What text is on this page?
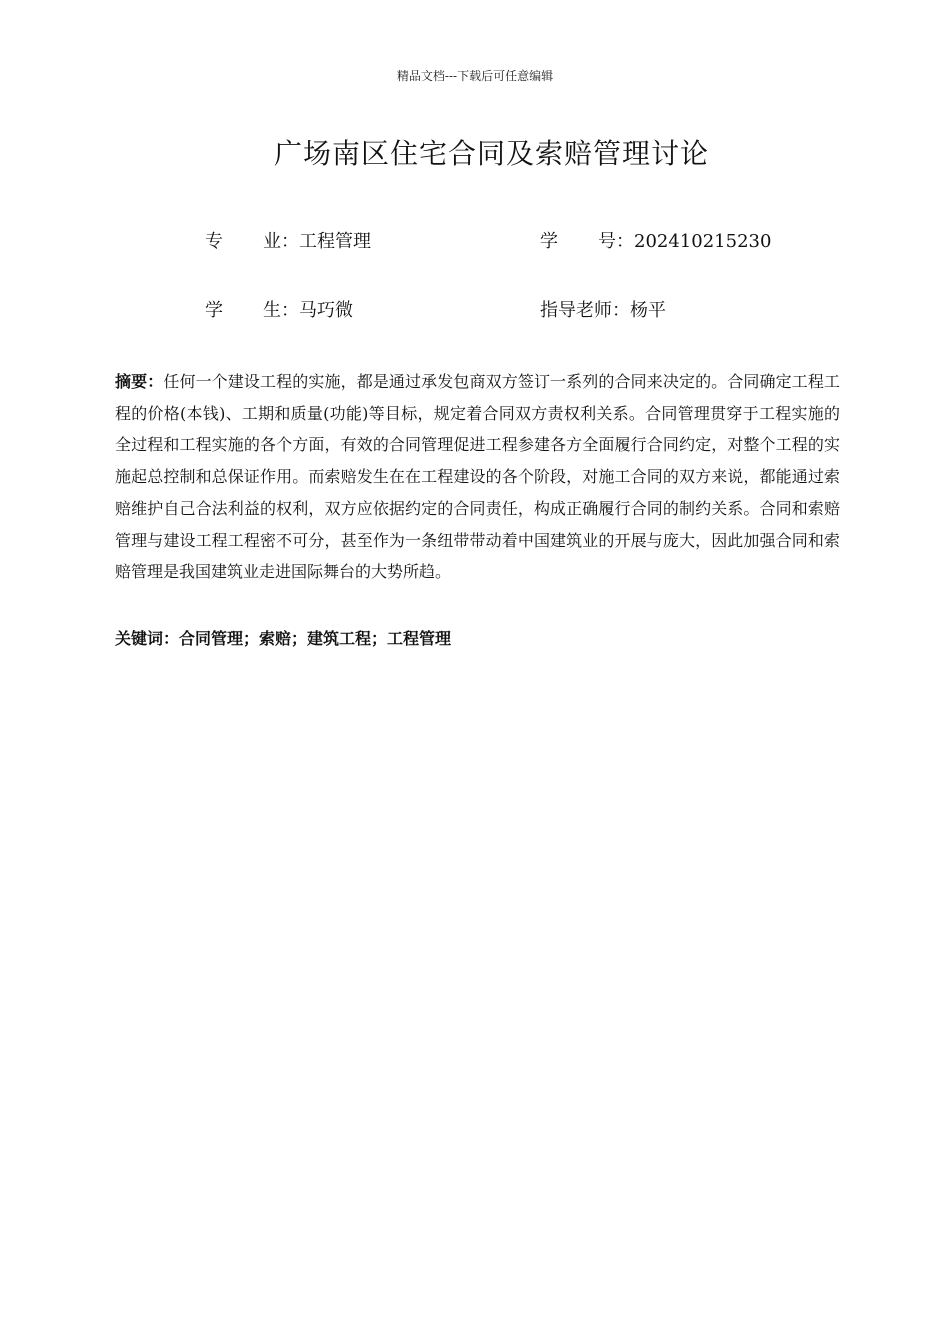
精品文档---下载后可任意编辑
广场南区住宅合同及索赔管理讨论
专 业：工程管理	学 号：202410215230
学 生：马巧微	指导老师：杨平

摘要：任何一个建设工程的实施，都是通过承发包商双方签订一系列的合同来决定的。合同确定工程工程的价格(本钱)、工期和质量(功能)等目标，规定着合同双方责权利关系。合同管理贯穿于工程实施的全过程和工程实施的各个方面，有效的合同管理促进工程参建各方全面履行合同约定，对整个工程的实施起总控制和总保证作用。而索赔发生在在工程建设的各个阶段，对施工合同的双方来说，都能通过索赔维护自己合法利益的权利，双方应依据约定的合同责任，构成正确履行合同的制约关系。合同和索赔管理与建设工程工程密不可分，甚至作为一条纽带带动着中国建筑业的开展与庞大，因此加强合同和索赔管理是我国建筑业走进国际舞台的大势所趋。

关键词：合同管理；索赔；建筑工程；工程管理
